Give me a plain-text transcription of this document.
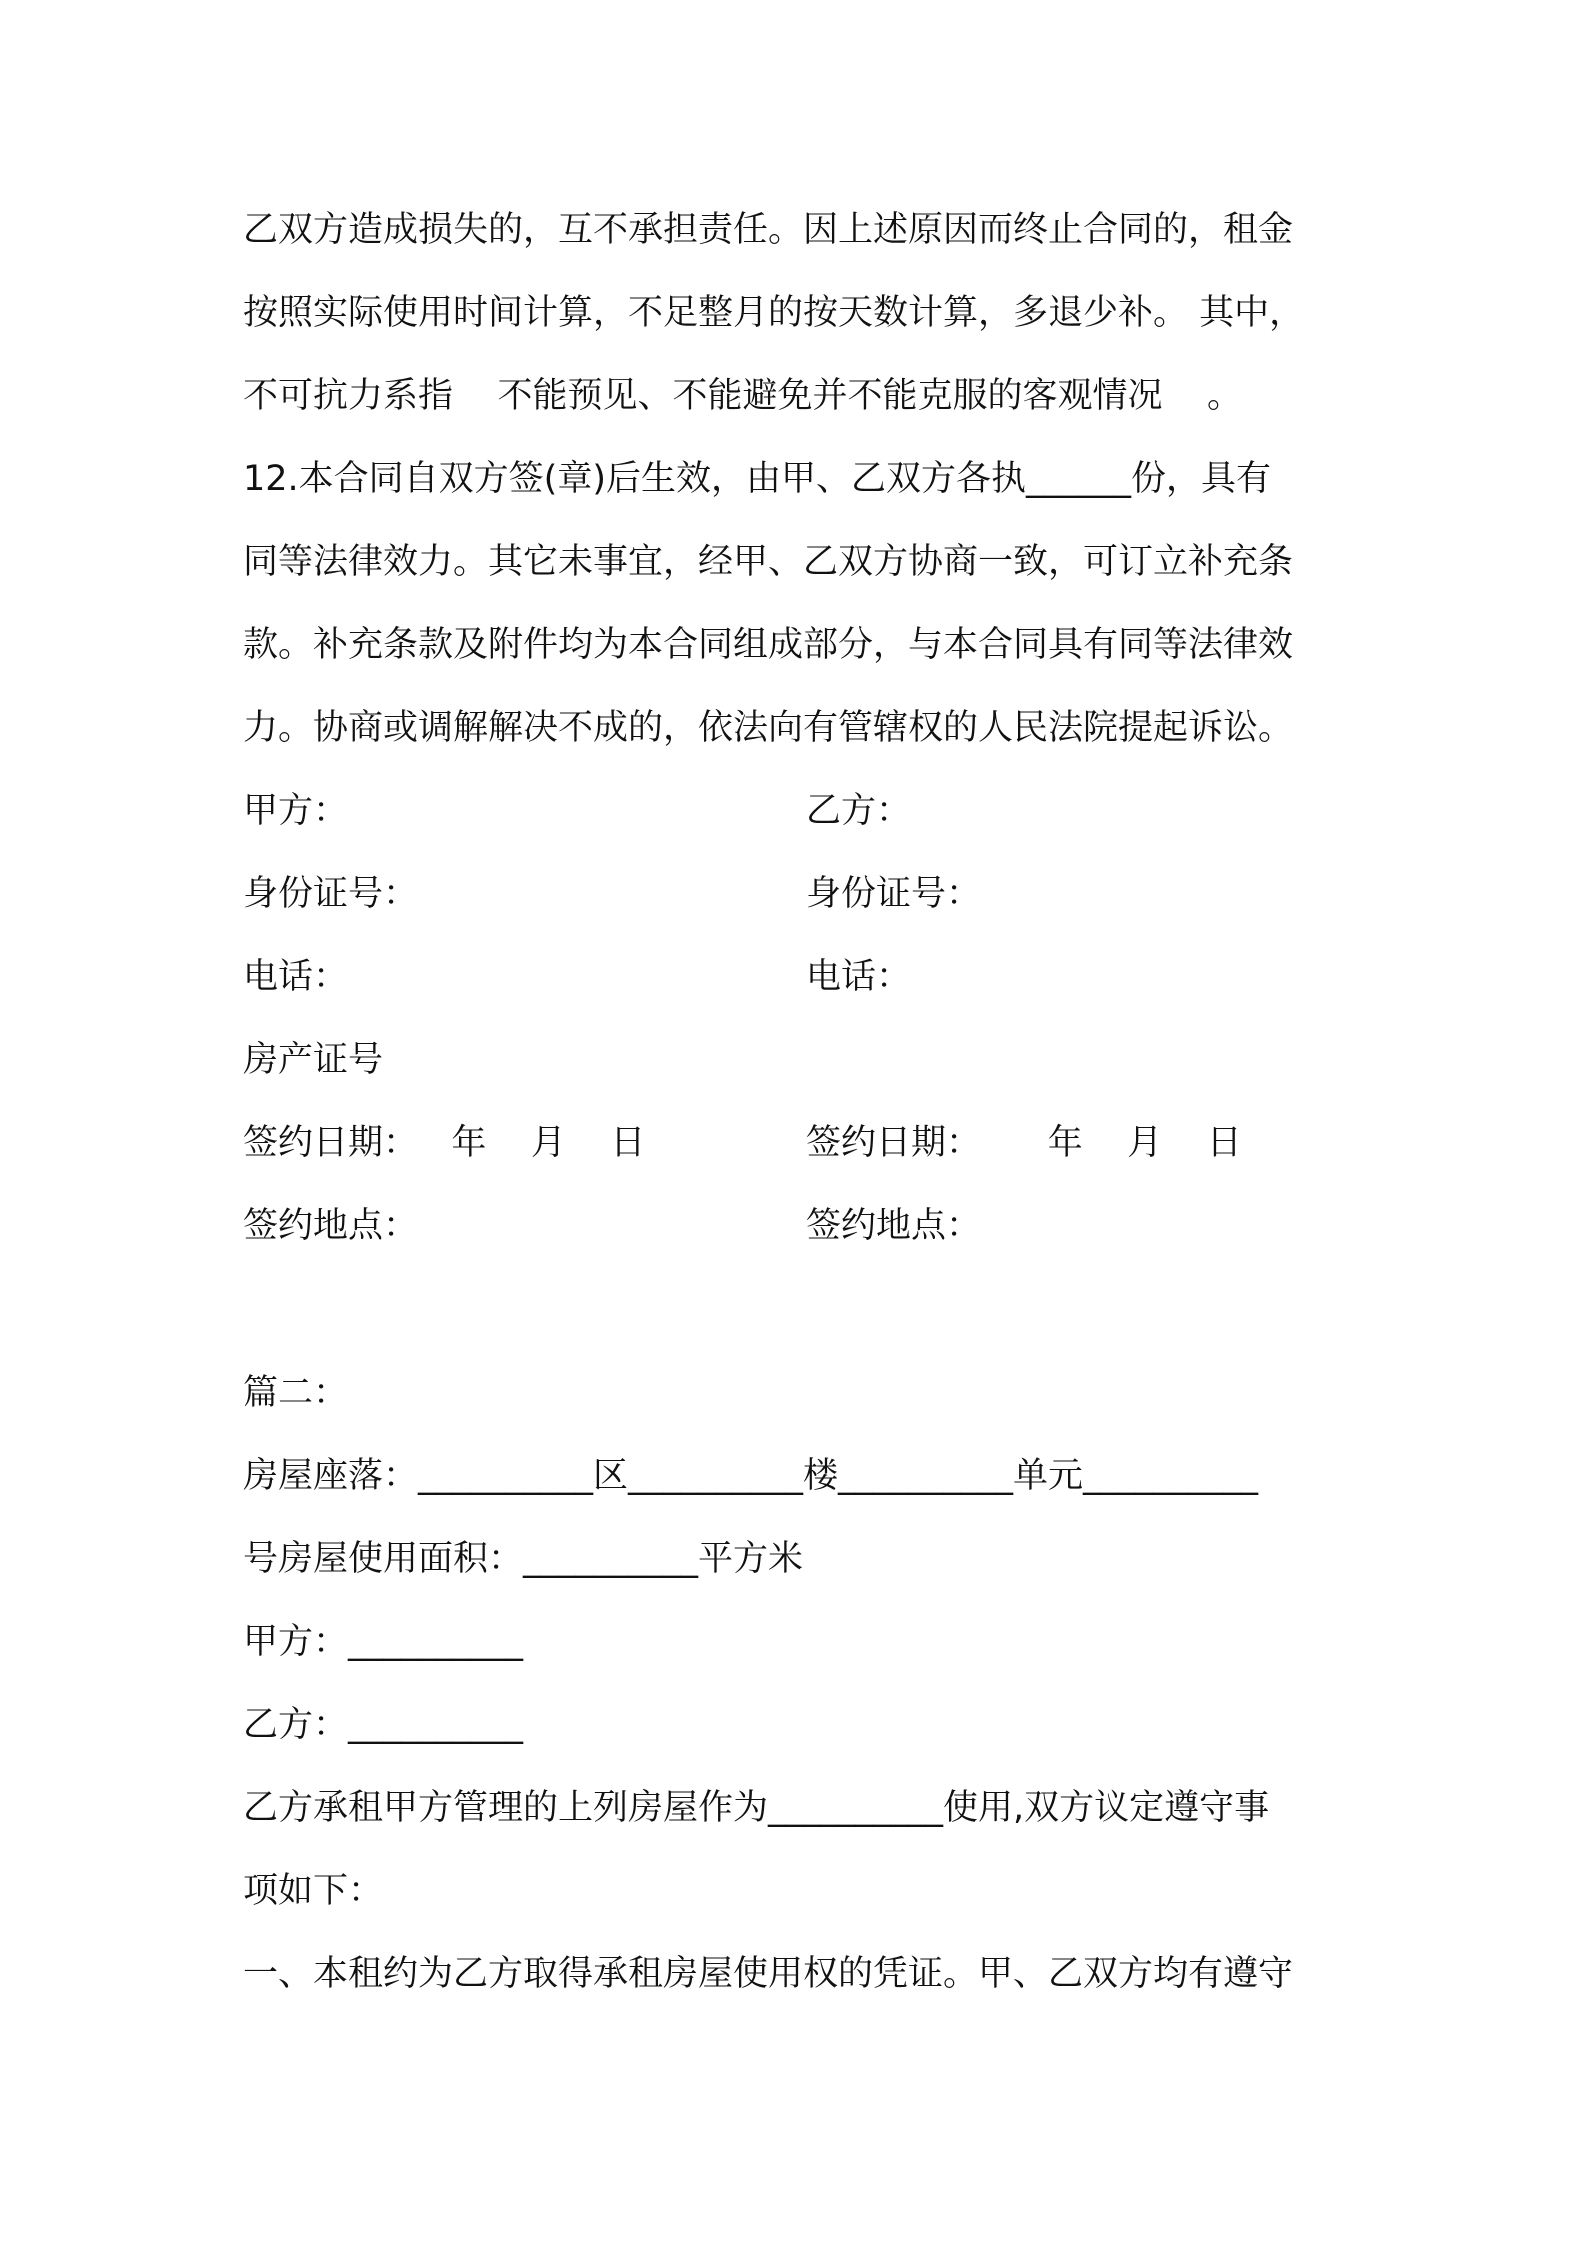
乙双方造成损失的，互不承担责任。因上述原因而终止合同的，租金
按照实际使用时间计算，不足整月的按天数计算，多退少补。 其中，
不可抗力系指    不能预见、不能避免并不能克服的客观情况    。
12.本合同自双方签(章)后生效，由甲、乙双方各执______份，具有
同等法律效力。其它未事宜，经甲、乙双方协商一致，可订立补充条
款。补充条款及附件均为本合同组成部分，与本合同具有同等法律效
力。协商或调解解决不成的，依法向有管辖权的人民法院提起诉讼。
甲方：	乙方：
身份证号：	身份证号：
电话：	电话：
房产证号
签约日期：   年    月    日	签约日期：      年    月    日
签约地点：	签约地点：
篇二：
房屋座落：__________区__________楼__________单元__________
号房屋使用面积：__________平方米
甲方：__________
乙方：__________
乙方承租甲方管理的上列房屋作为__________使用,双方议定遵守事
项如下：
一、本租约为乙方取得承租房屋使用权的凭证。甲、乙双方均有遵守
